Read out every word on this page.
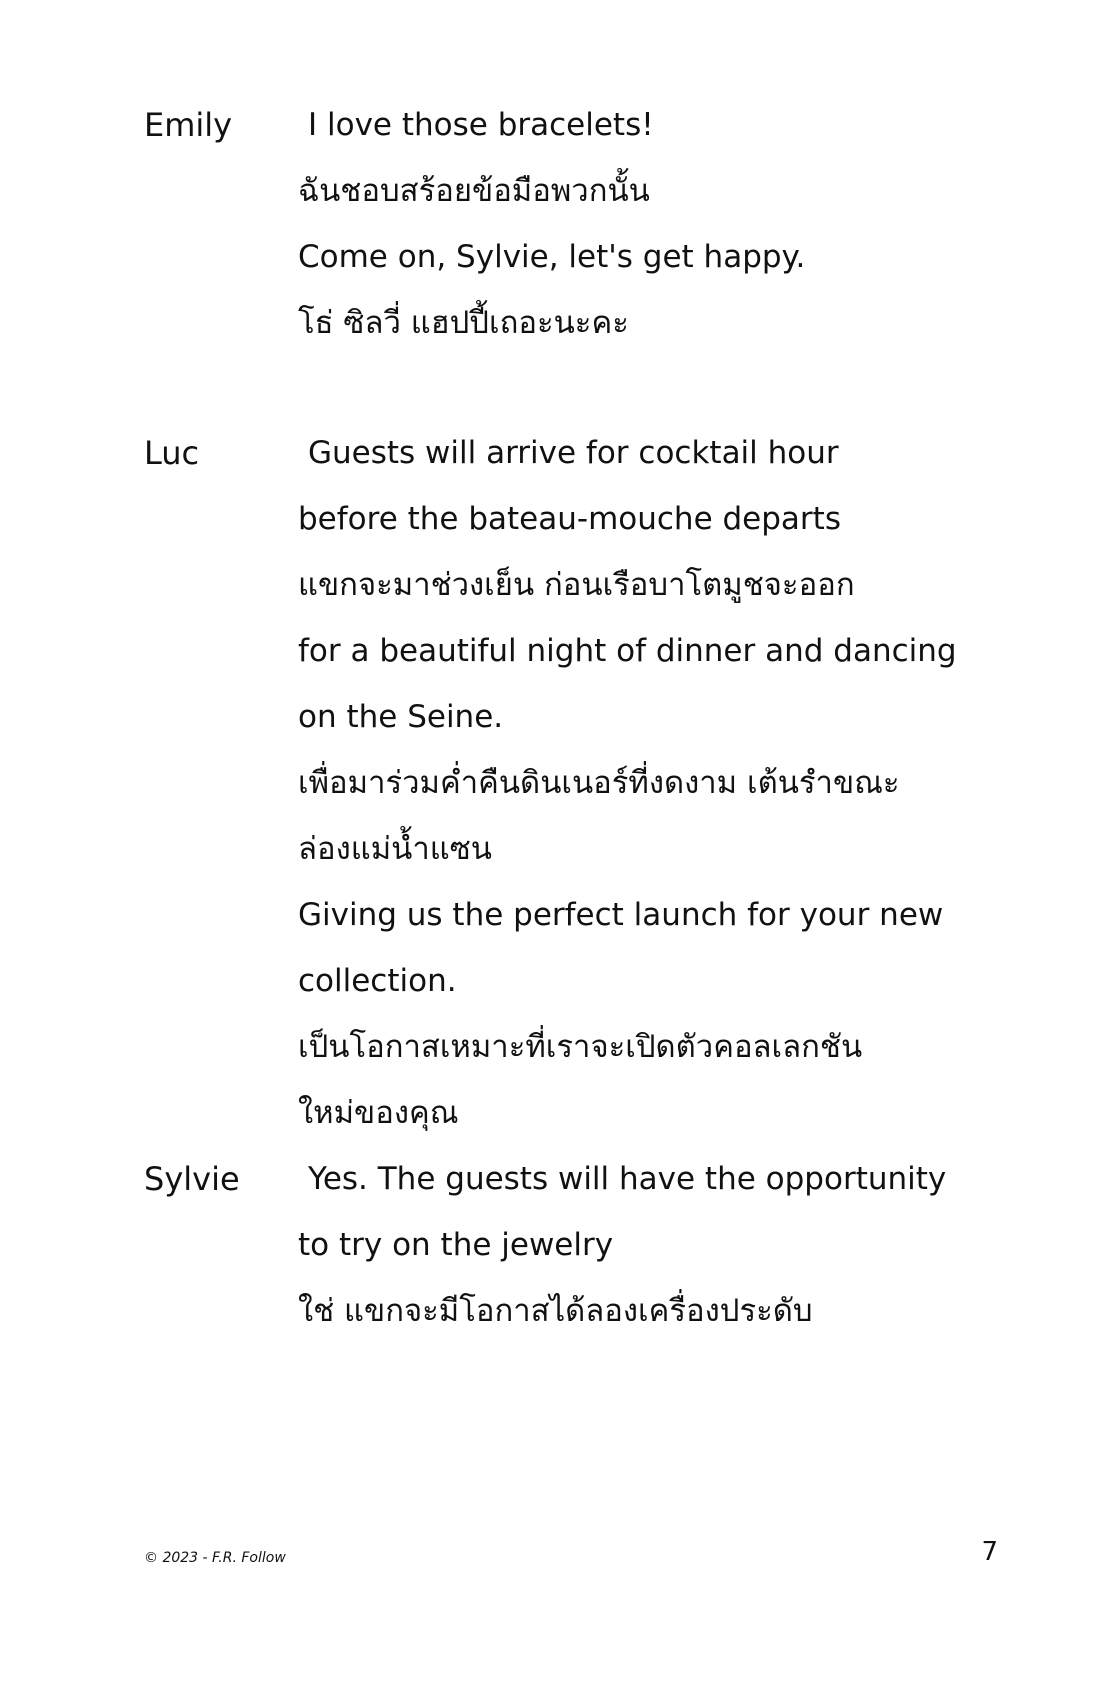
Emily	I love those bracelets!
ฉันชอบสร้อยข้อมือพวกนั้น
Come on, Sylvie, let's get happy.
โธ่ ซิลวี่ แฮปปี้เถอะนะคะ
Luc	Guests will arrive for cocktail hour
before the bateau-mouche departs
แขกจะมาช่วงเย็น ก่อนเรือบาโตมูชจะออก
for a beautiful night of dinner and dancing
on the Seine.
เพื่อมาร่วมค่ำคืนดินเนอร์ที่งดงาม เต้นรำขณะ
ล่องแม่น้ำแซน
Giving us the perfect launch for your new
collection.
เป็นโอกาสเหมาะที่เราจะเปิดตัวคอลเลกชัน
ใหม่ของคุณ
Sylvie	Yes. The guests will have the opportunity
to try on the jewelry
ใช่ แขกจะมีโอกาสได้ลองเครื่องประดับ
© 2023 - F.R. Follow	7
